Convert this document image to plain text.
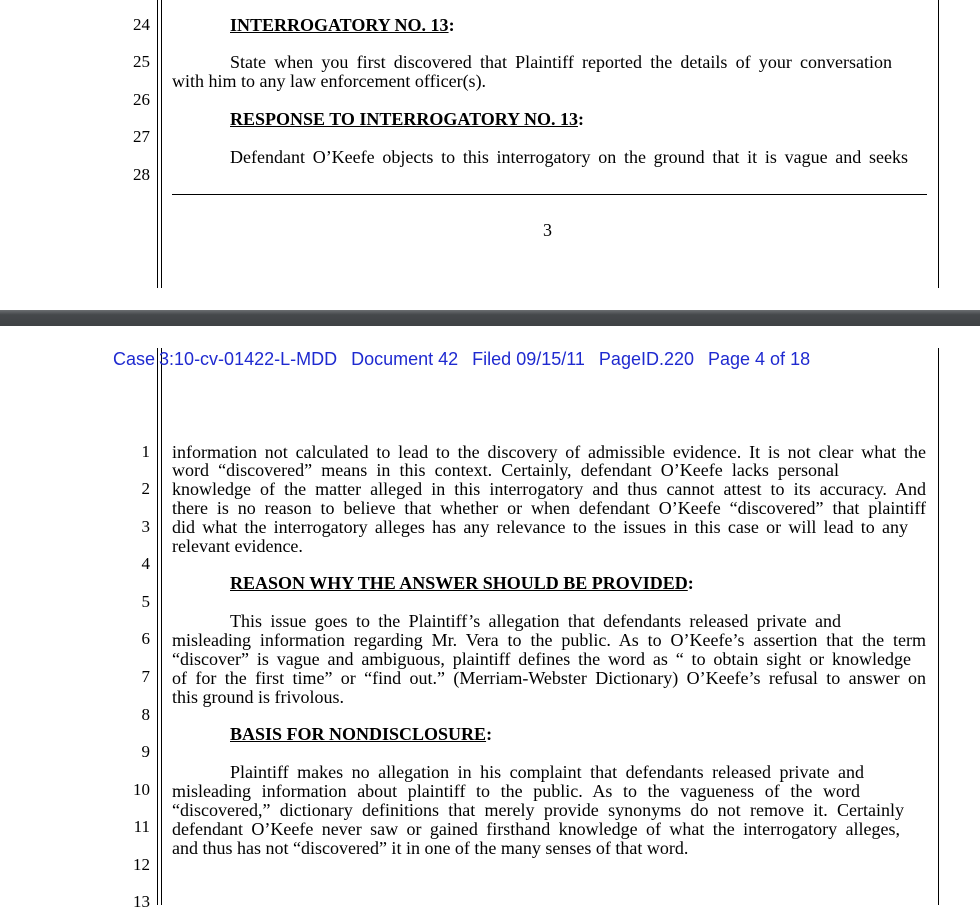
24
25
26
27
28
INTERROGATORY NO. 13:
State when you first discovered that Plaintiff reported the details of your conversation
with him to any law enforcement officer(s).
RESPONSE TO INTERROGATORY NO. 13:
Defendant O’Keefe objects to this interrogatory on the ground that it is vague and seeks
3
Case 3:10-cv-01422-L-MDD Document 42 Filed 09/15/11 PageID.220 Page 4 of 18
1
2
3
4
5
6
7
8
9
10
11
12
13
information not calculated to lead to the discovery of admissible evidence. It is not clear what the
word “discovered” means in this context. Certainly, defendant O’Keefe lacks personal
knowledge of the matter alleged in this interrogatory and thus cannot attest to its accuracy. And
there is no reason to believe that whether or when defendant O’Keefe “discovered” that plaintiff
did what the interrogatory alleges has any relevance to the issues in this case or will lead to any
relevant evidence.
REASON WHY THE ANSWER SHOULD BE PROVIDED:
This issue goes to the Plaintiff’s allegation that defendants released private and
misleading information regarding Mr. Vera to the public. As to O’Keefe’s assertion that the term
“discover” is vague and ambiguous, plaintiff defines the word as “ to obtain sight or knowledge
of for the first time” or “find out.” (Merriam-Webster Dictionary) O’Keefe’s refusal to answer on
this ground is frivolous.
BASIS FOR NONDISCLOSURE:
Plaintiff makes no allegation in his complaint that defendants released private and
misleading information about plaintiff to the public. As to the vagueness of the word
“discovered,” dictionary definitions that merely provide synonyms do not remove it. Certainly
defendant O’Keefe never saw or gained firsthand knowledge of what the interrogatory alleges,
and thus has not “discovered” it in one of the many senses of that word.
